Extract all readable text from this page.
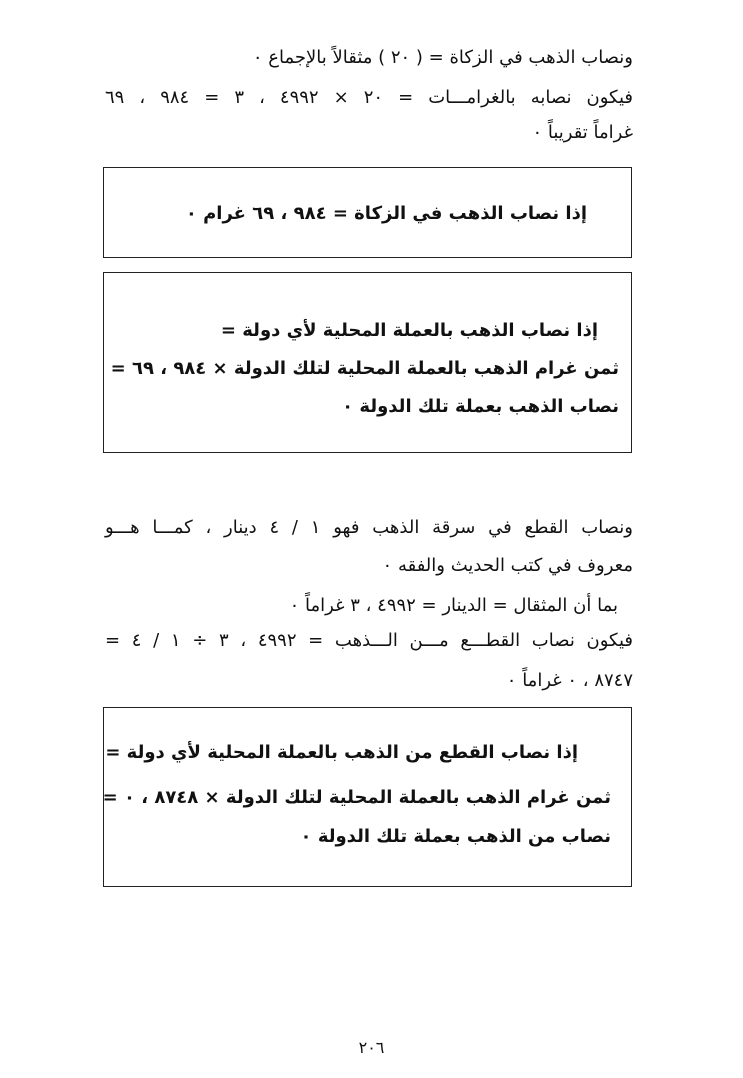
ونصاب الذهب في الزكاة = ( ٢٠ ) مثقالاً بالإجماع ٠
فيكون نصابه بالغرامـــات = ٢٠ × ٤٩٩٢ ، ٣ = ٩٨٤ ، ٦٩
غراماً تقريباً ٠
إذا نصاب الذهب في الزكاة = ٩٨٤ ، ٦٩ غرام ٠
إذا نصاب الذهب بالعملة المحلية لأي دولة =
ثمن غرام الذهب بالعملة المحلية لتلك الدولة × ٩٨٤ ، ٦٩ =
نصاب الذهب بعملة تلك الدولة ٠
ونصاب القطع في سرقة الذهب فهو ١ / ٤ دينار ، كمـــا هـــو
معروف في كتب الحديث والفقه ٠
بما أن المثقال = الدينار = ٤٩٩٢ ، ٣ غراماً ٠
فيكون نصاب القطـــع مـــن الـــذهب = ٤٩٩٢ ، ٣ ÷ ١ / ٤ =
٨٧٤٧ ، ٠ غراماً ٠
إذا نصاب القطع من الذهب بالعملة المحلية لأي دولة =
ثمن غرام الذهب بالعملة المحلية لتلك الدولة × ٨٧٤٨ ، ٠ =
نصاب من الذهب بعملة تلك الدولة ٠
٢٠٦
